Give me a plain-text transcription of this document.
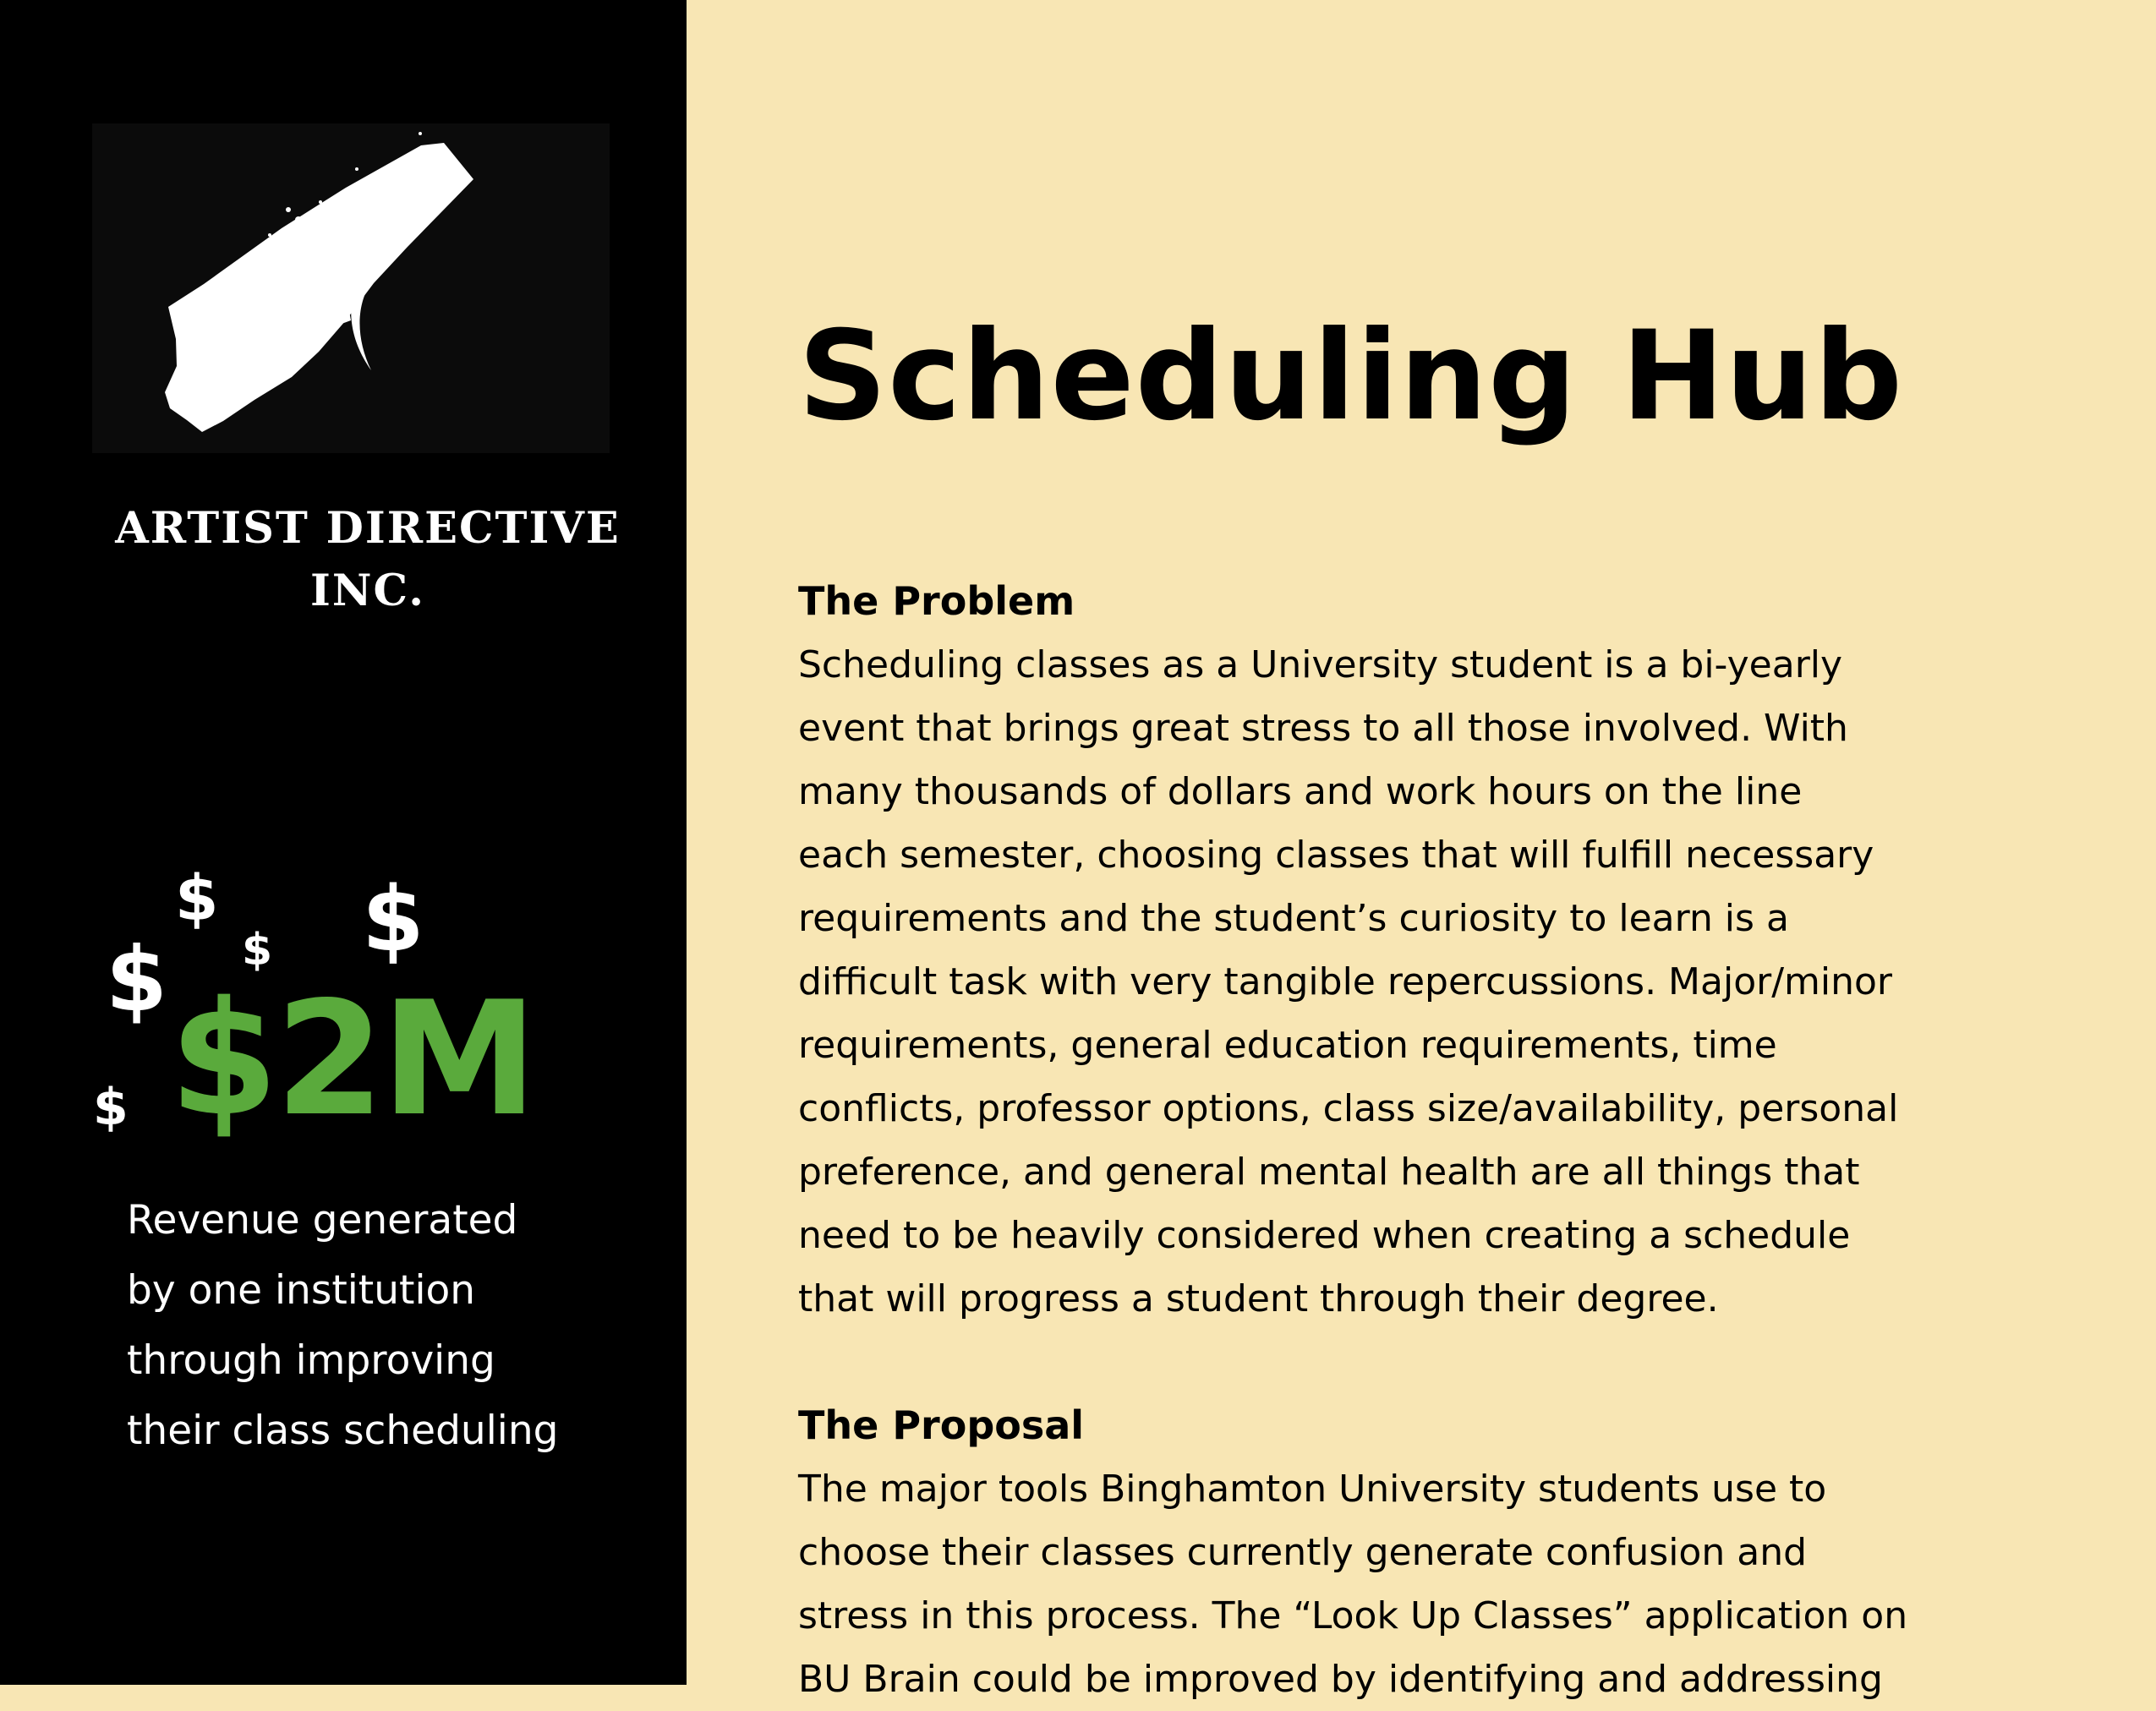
ARTIST DIRECTIVE
INC.
$
$ $
$
$ $2M
Revenue generated
by one institution
through improving
their class scheduling
Scheduling Hub
The Problem
Scheduling classes as a University student is a bi-yearly
event that brings great stress to all those involved. With
many thousands of dollars and work hours on the line
each semester, choosing classes that will fulfill necessary
requirements and the student’s curiosity to learn is a
difficult task with very tangible repercussions. Major/minor
requirements, general education requirements, time
conflicts, professor options, class size/availability, personal
preference, and general mental health are all things that
need to be heavily considered when creating a schedule
that will progress a student through their degree.
The Proposal
The major tools Binghamton University students use to
choose their classes currently generate confusion and
stress in this process. The “Look Up Classes” application on
BU Brain could be improved by identifying and addressing
